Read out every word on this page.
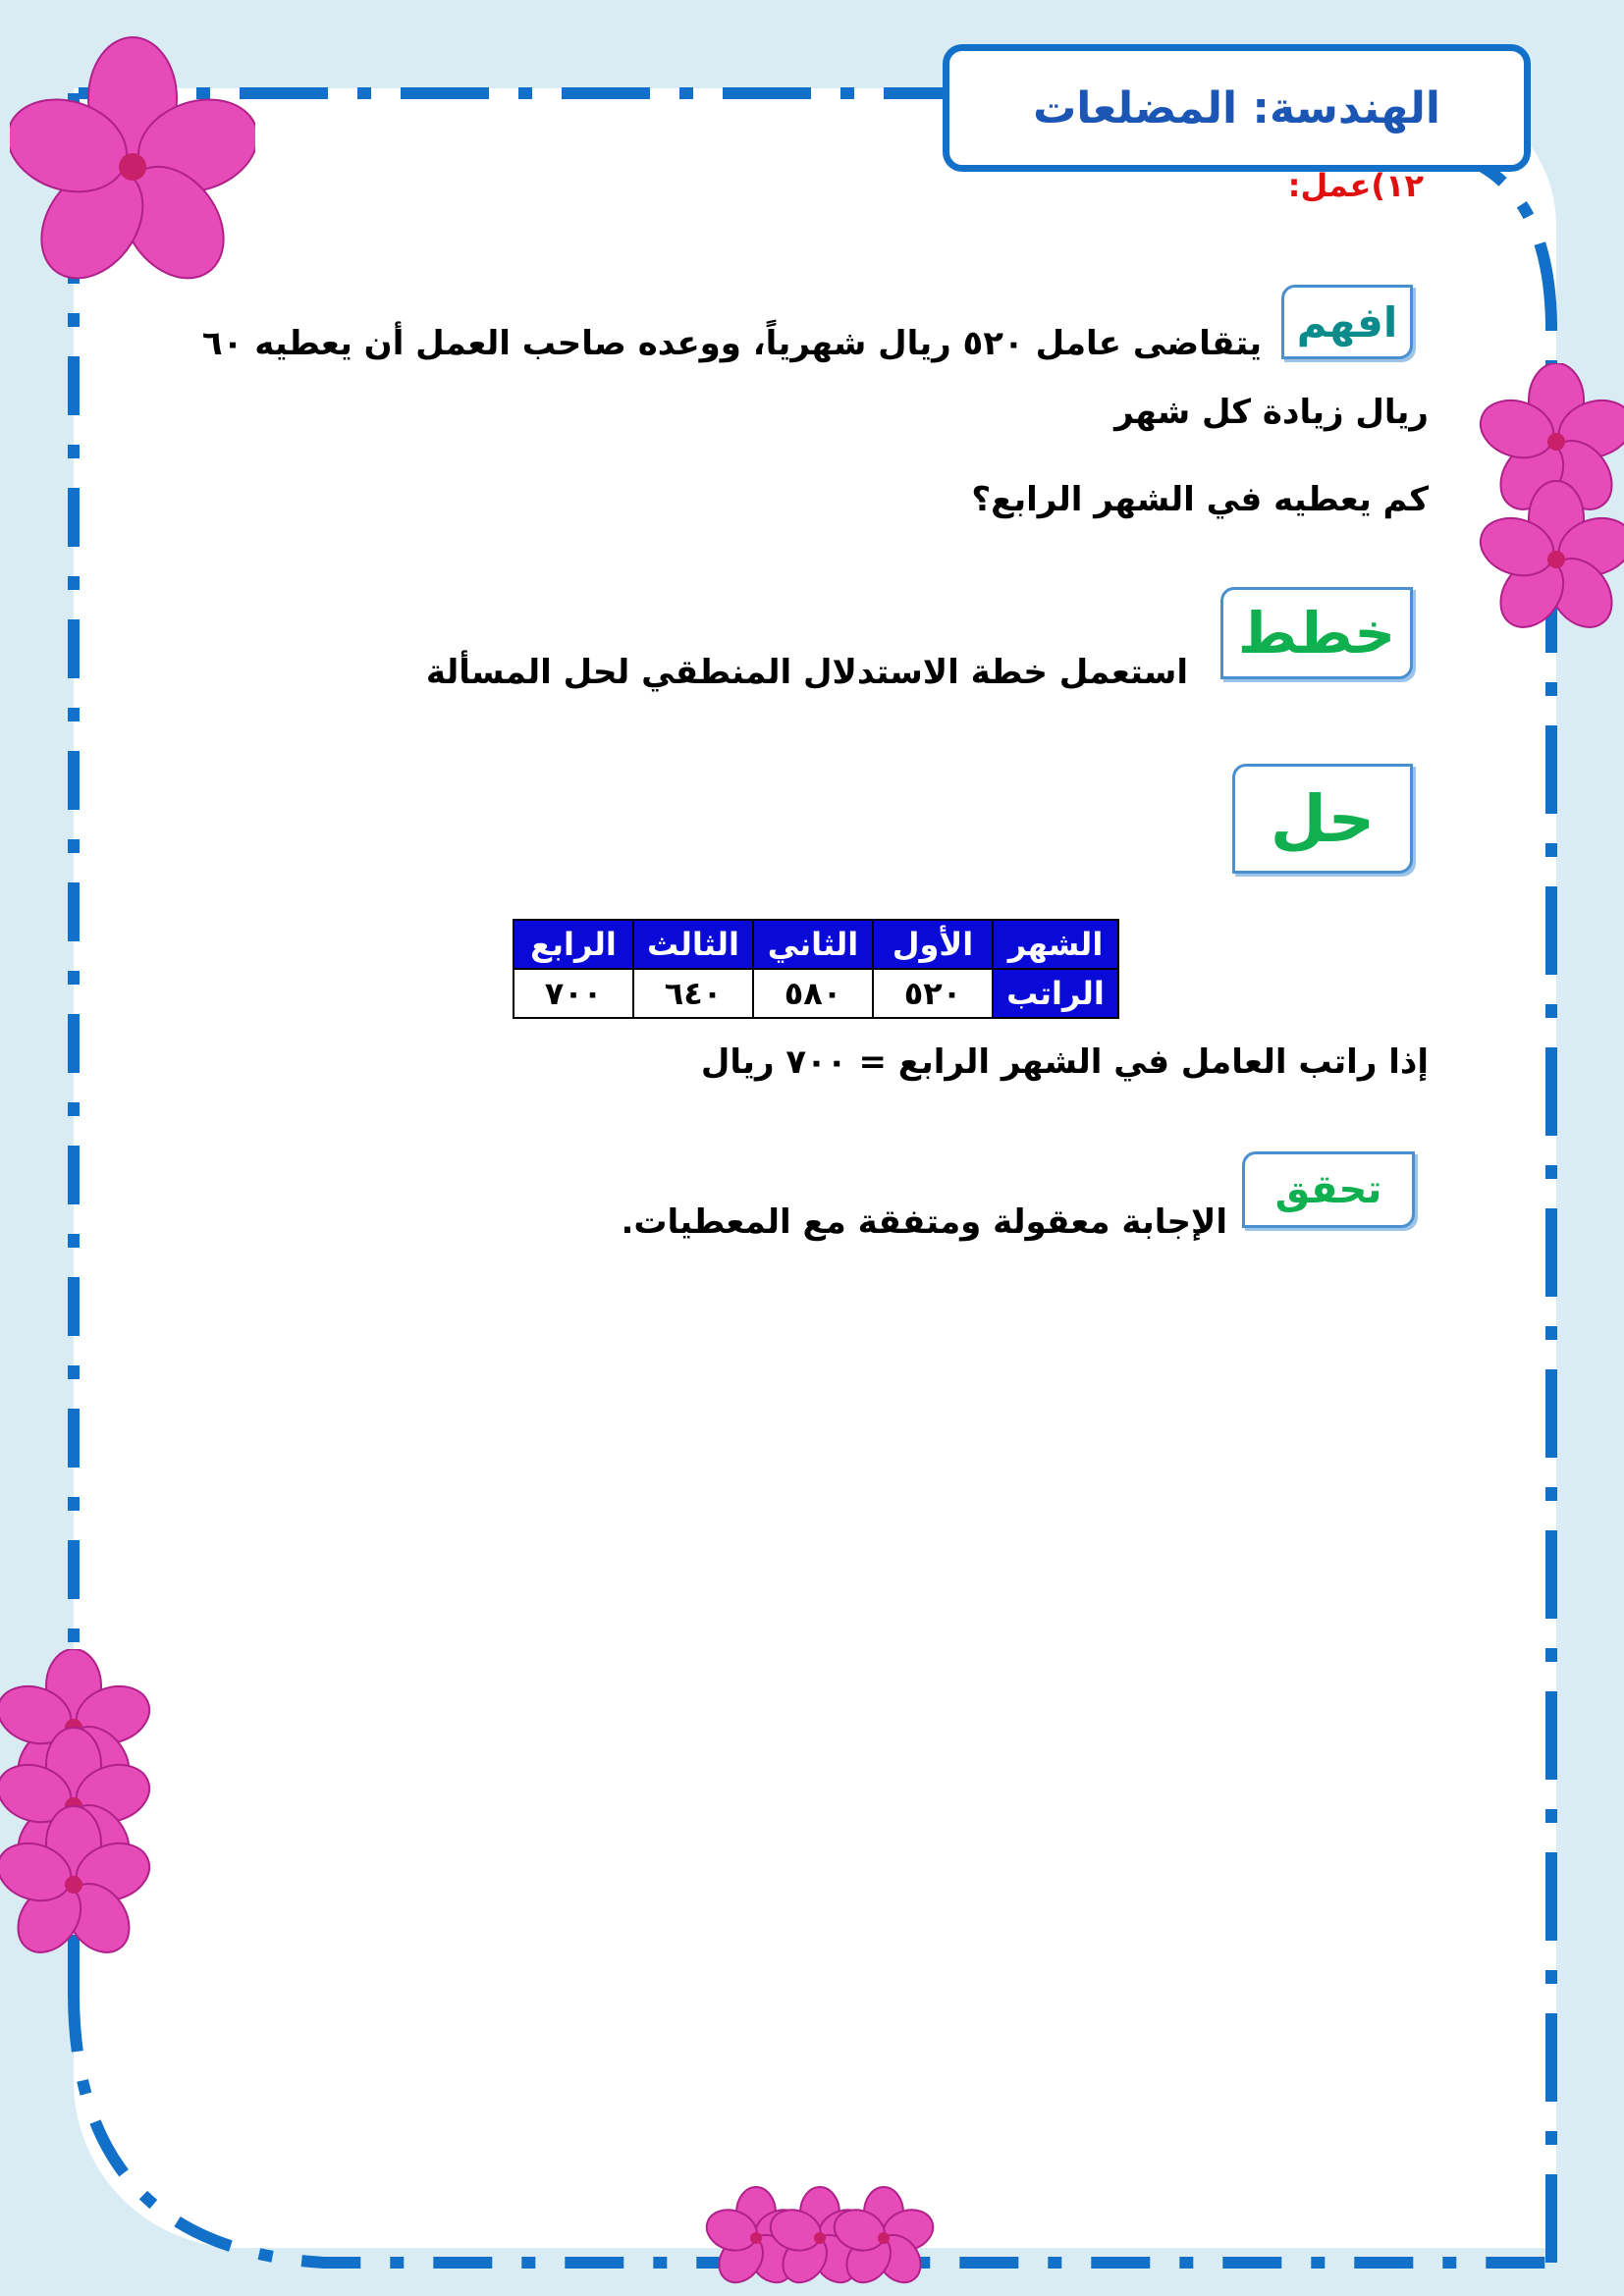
الهندسة: المضلعات
١٢)عمل:
افهم
يتقاضى عامل ٥٢٠ ريال شهرياً، ووعده صاحب العمل أن يعطيه ٦٠
ريال زيادة كل شهر
كم يعطيه في الشهر الرابع؟
خطط
استعمل خطة الاستدلال المنطقي لحل المسألة
حل
الشهر	الأول	الثاني	الثالث	الرابع
الراتب	٥٢٠	٥٨٠	٦٤٠	٧٠٠
إذا راتب العامل في الشهر الرابع = ٧٠٠ ريال
تحقق
الإجابة معقولة ومتفقة مع المعطيات.
